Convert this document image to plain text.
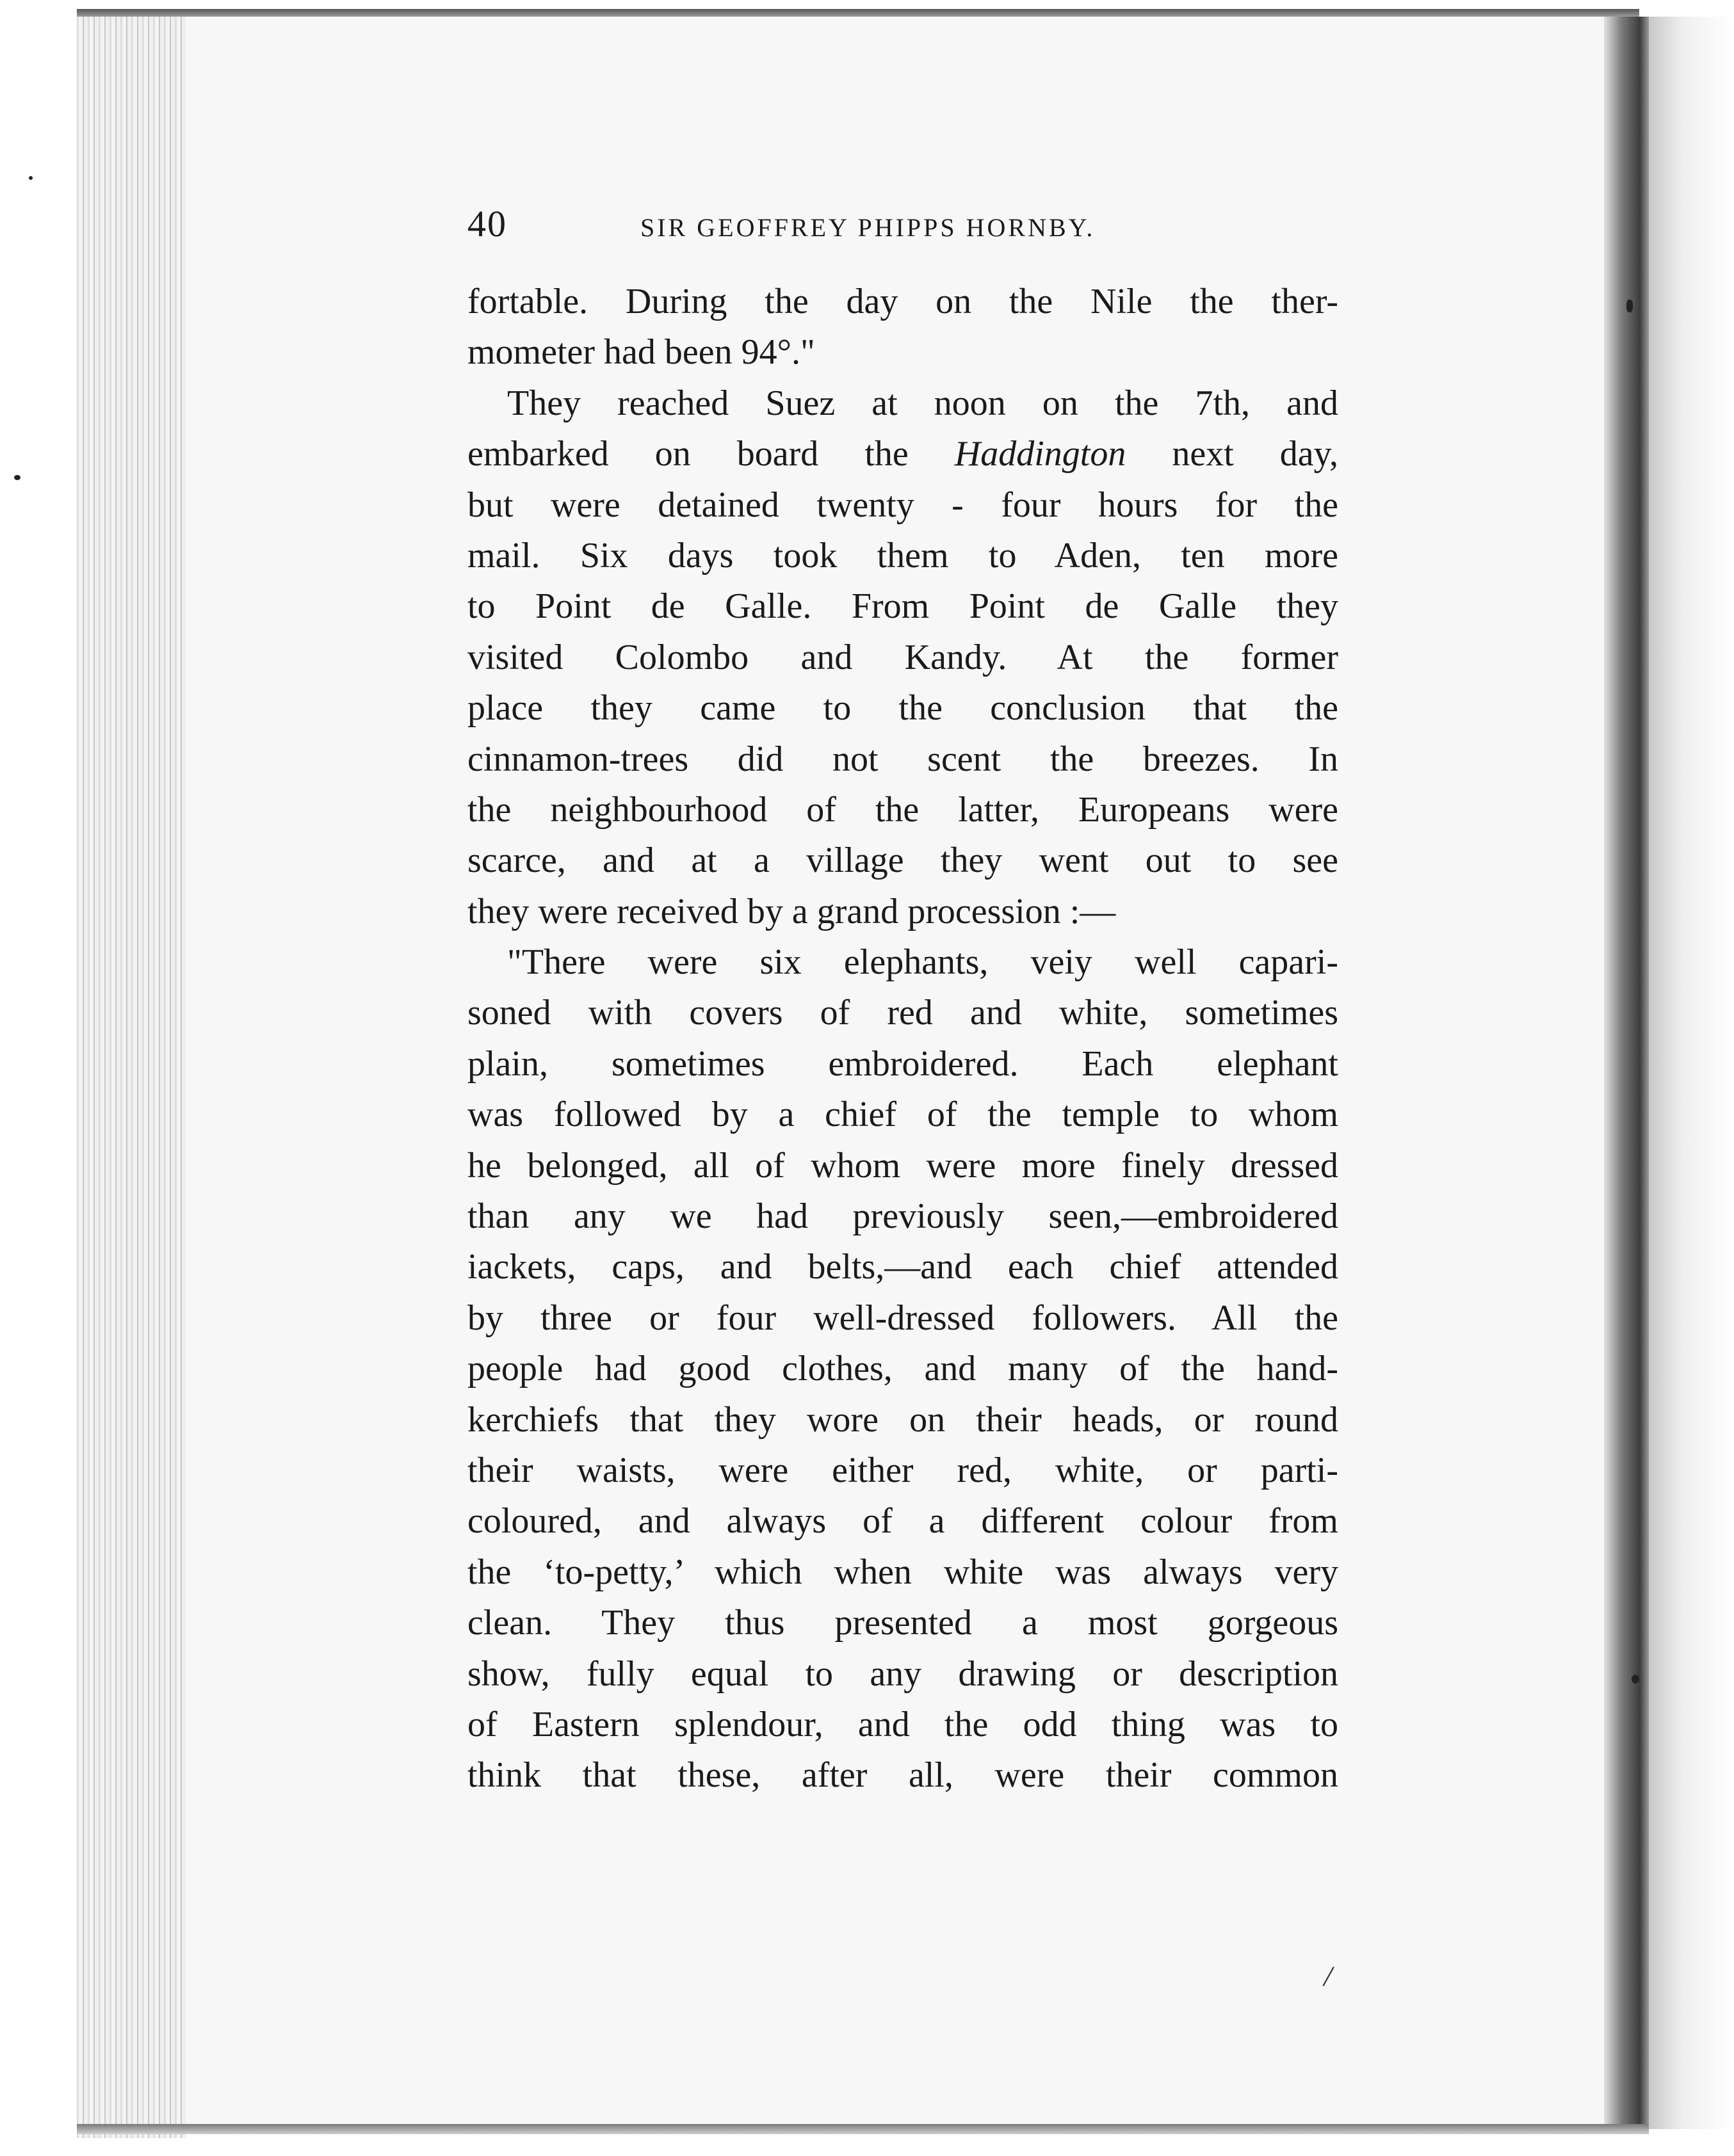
40	SIR GEOFFREY PHIPPS HORNBY.
fortable. During the day on the Nile the ther-
mometer had been 94°."
They reached Suez at noon on the 7th, and
embarked on board the Haddington next day,
but were detained twenty - four hours for the
mail. Six days took them to Aden, ten more
to Point de Galle. From Point de Galle they
visited Colombo and Kandy. At the former
place they came to the conclusion that the
cinnamon-trees did not scent the breezes. In
the neighbourhood of the latter, Europeans were
scarce, and at a village they went out to see
they were received by a grand procession :—
"There were six elephants, veiy well capari-
soned with covers of red and white, sometimes
plain, sometimes embroidered. Each elephant
was followed by a chief of the temple to whom
he belonged, all of whom were more finely dressed
than any we had previously seen,—embroidered
iackets, caps, and belts,—and each chief attended
by three or four well-dressed followers. All the
people had good clothes, and many of the hand-
kerchiefs that they wore on their heads, or round
their waists, were either red, white, or parti-
coloured, and always of a different colour from
the ‘to-petty,’ which when white was always very
clean. They thus presented a most gorgeous
show, fully equal to any drawing or description
of Eastern splendour, and the odd thing was to
think that these, after all, were their common
/
